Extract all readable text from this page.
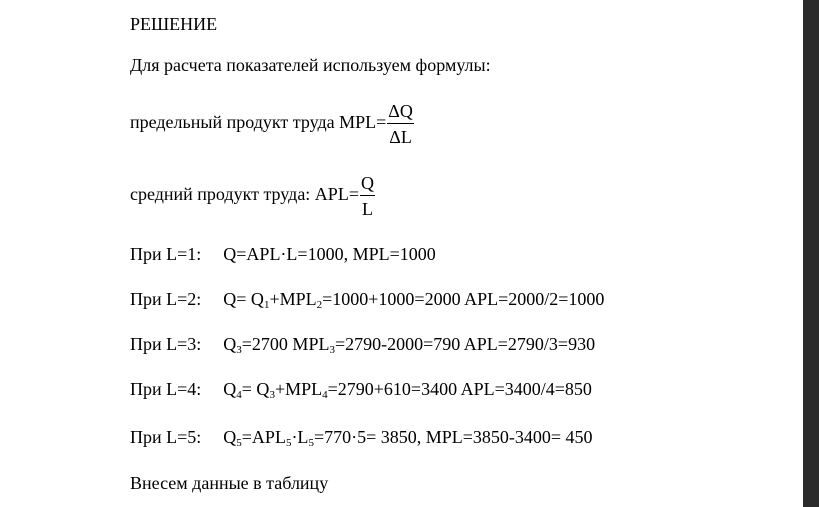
РЕШЕНИЕ
Для расчета показателей используем формулы:
предельный продукт труда $MPL= \frac{\Delta Q}{\Delta L}$
средний продукт труда: $APL= \frac{Q}{L}$
При L=1: Q=APL·L=1000, MPL=1000
При L=2: $Q= Q_1+MPL_2=1000+1000=2000$ APL=2000/2=1000
При L=3: $Q_3=2700$ $MPL_3=2790-2000=790$ APL=2790/3=930
При L=4: $Q_4= Q_3+MPL_4=2790+610=3400$ APL=3400/4=850
При L=5: $Q_5=APL_5\cdot L_5=770\cdot 5= 3850$, MPL=3850-3400= 450
Внесем данные в таблицу
